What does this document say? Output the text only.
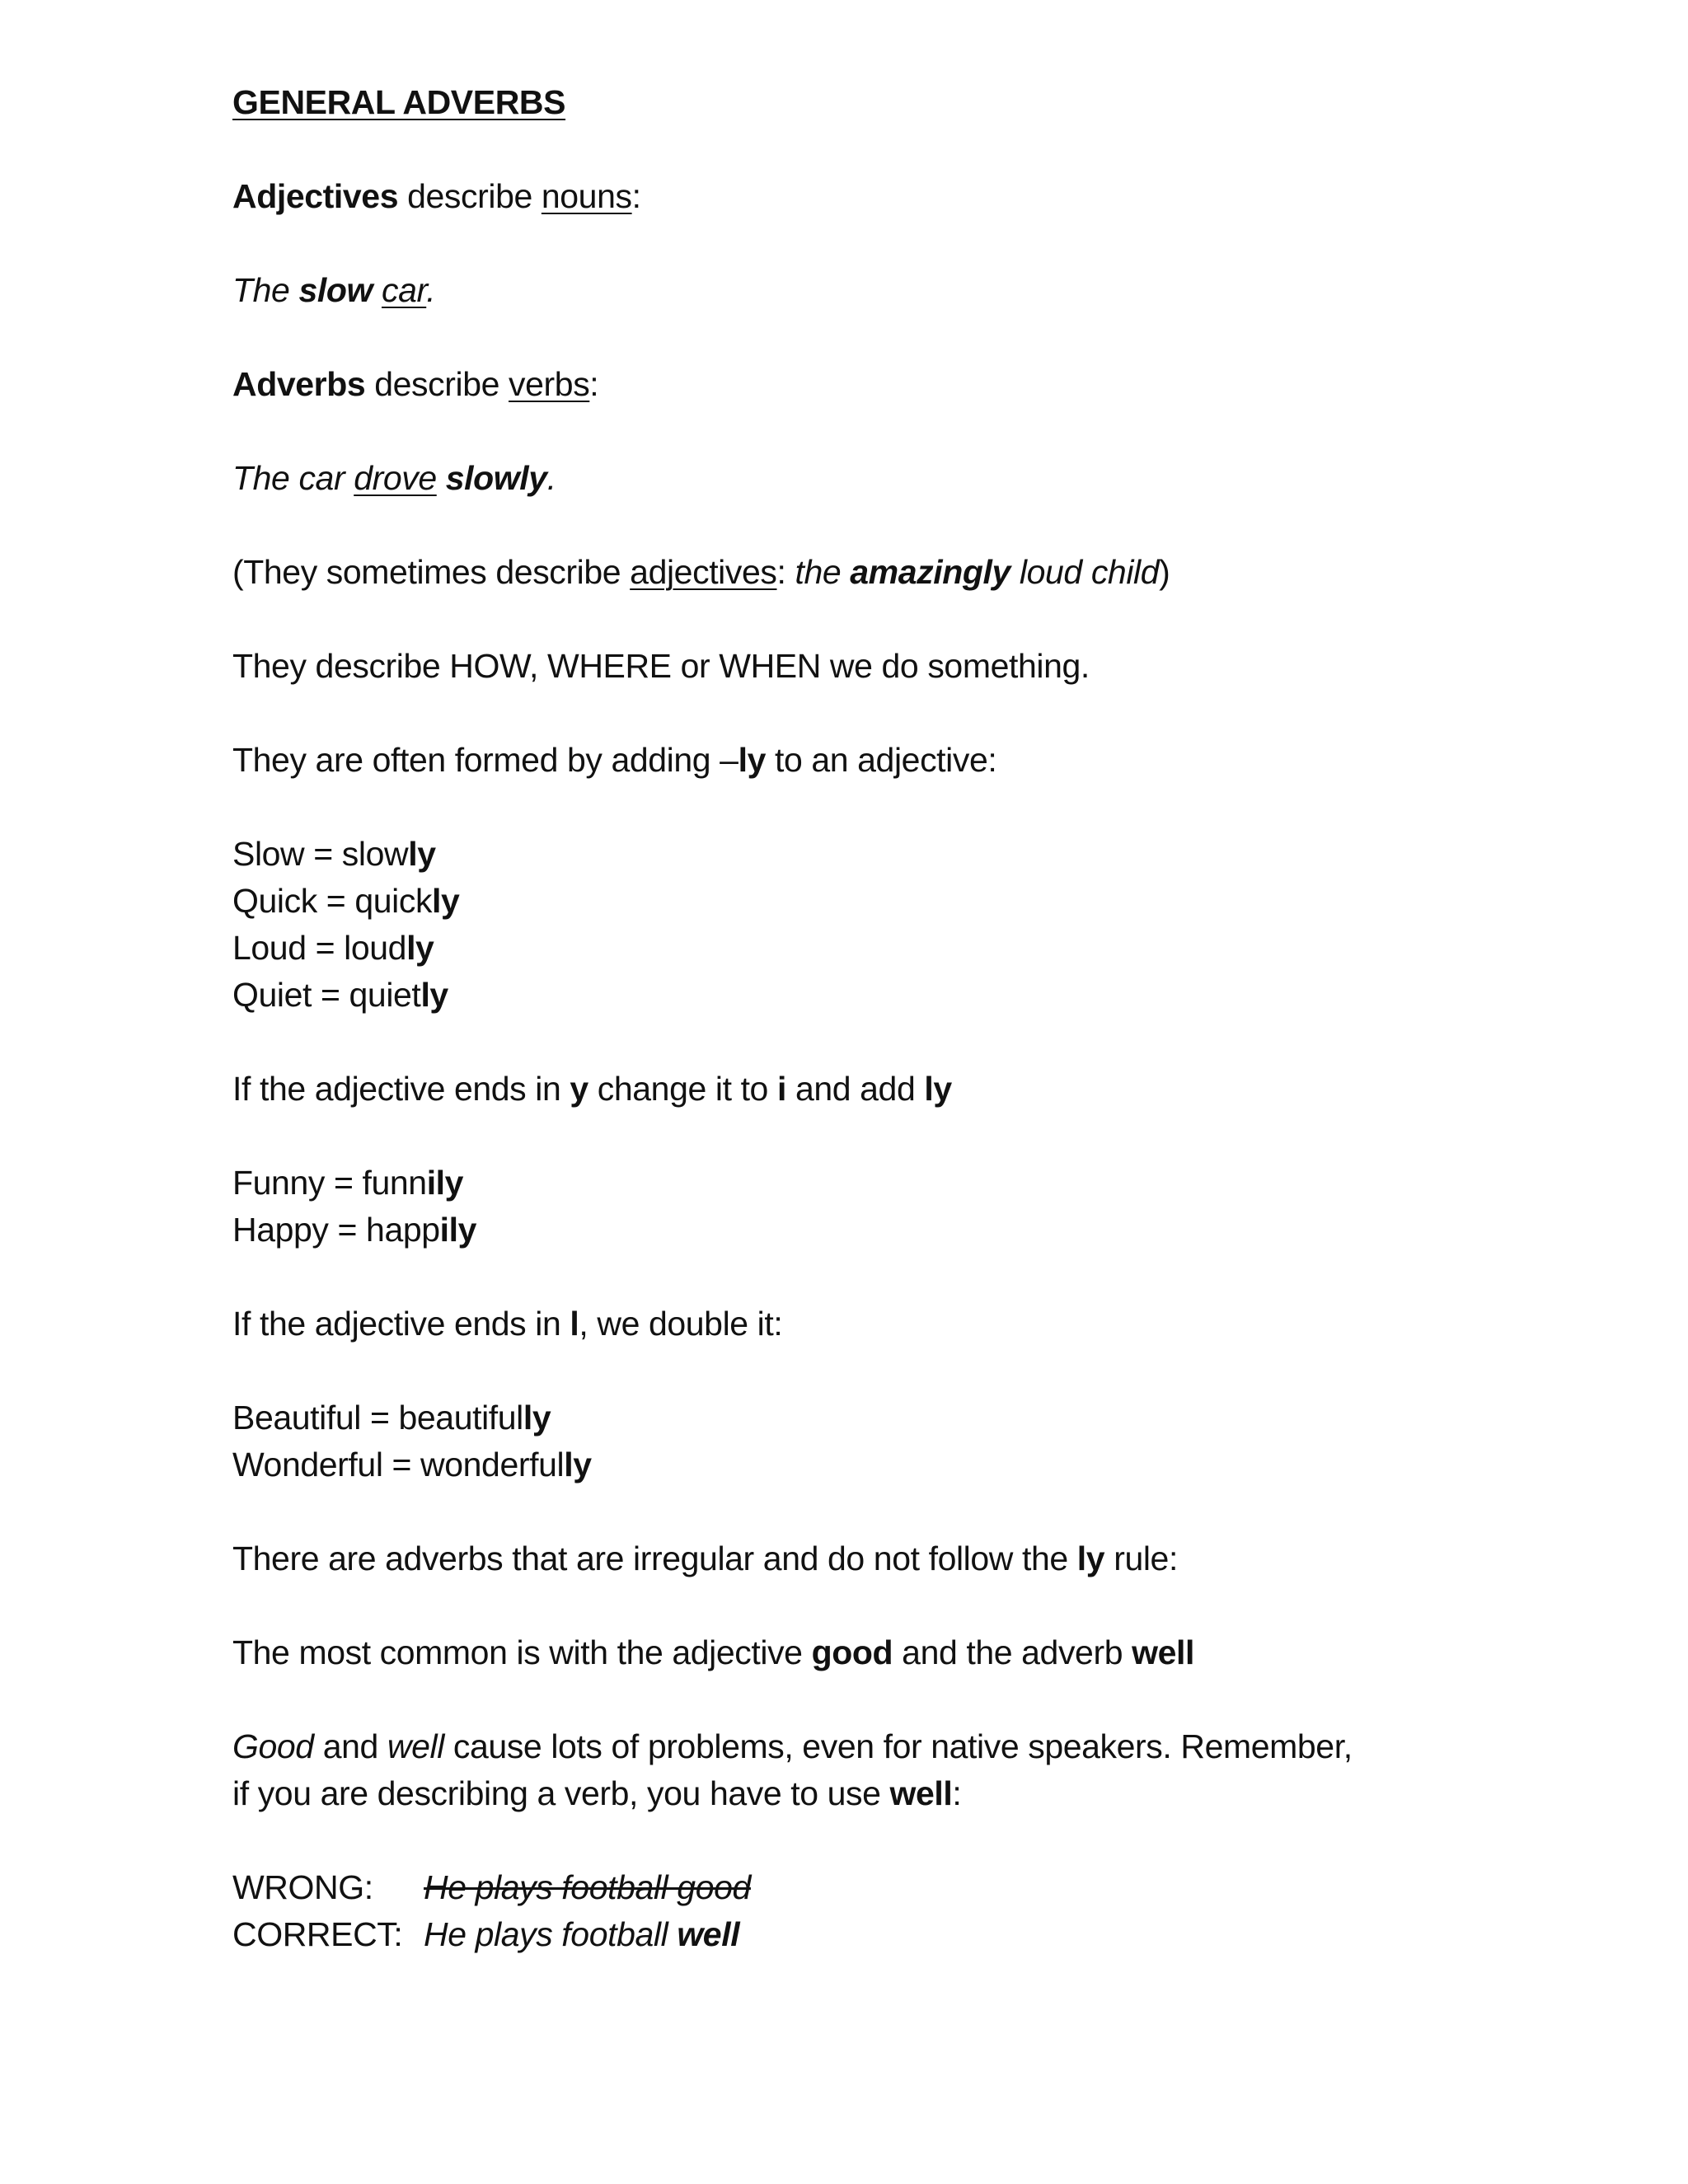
GENERAL ADVERBS
Adjectives describe nouns:
The slow car.
Adverbs describe verbs:
The car drove slowly.
(They sometimes describe adjectives: the amazingly loud child)
They describe HOW, WHERE or WHEN we do something.
They are often formed by adding –ly to an adjective:
Slow = slowly
Quick = quickly
Loud = loudly
Quiet = quietly
If the adjective ends in y change it to i and add ly
Funny = funnily
Happy = happily
If the adjective ends in l, we double it:
Beautiful = beautifully
Wonderful = wonderfully
There are adverbs that are irregular and do not follow the ly rule:
The most common is with the adjective good and the adverb well
Good and well cause lots of problems, even for native speakers. Remember,
if you are describing a verb, you have to use well:
WRONG: He plays football good
CORRECT: He plays football well
